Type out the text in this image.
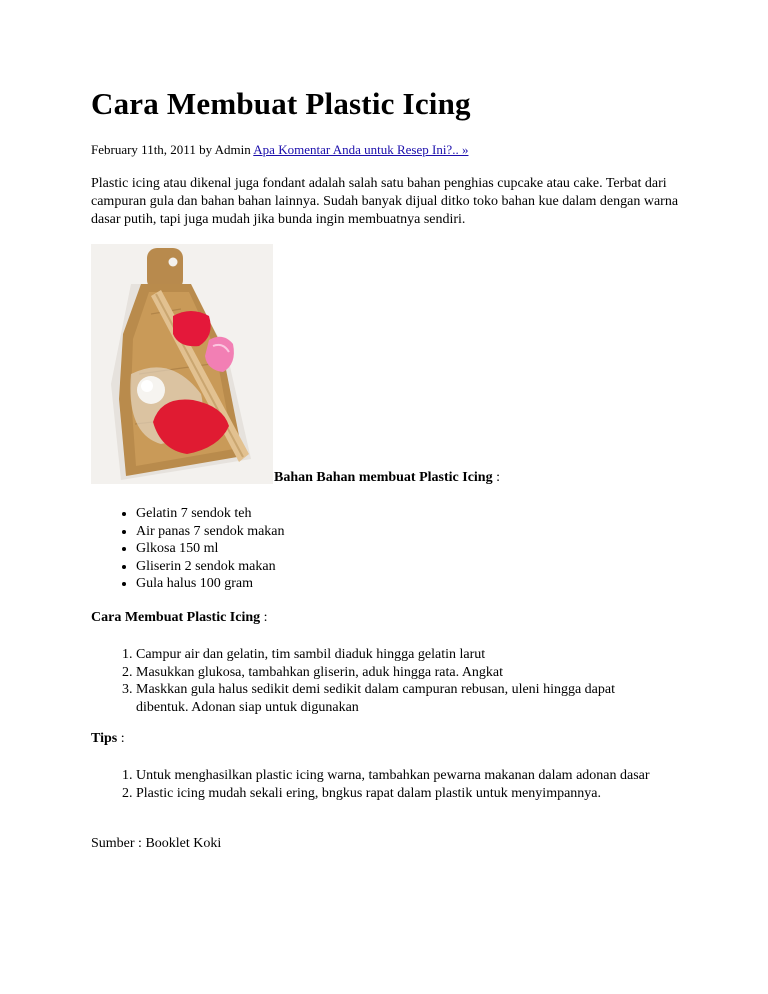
Cara Membuat Plastic Icing
February 11th, 2011 by Admin Apa Komentar Anda untuk Resep Ini?.. »

Plastic icing atau dikenal juga fondant adalah salah satu bahan penghias cupcake atau cake. Terbat dari campuran gula dan bahan bahan lainnya. Sudah banyak dijual ditko toko bahan kue dalam dengan warna dasar putih, tapi juga mudah jika bunda ingin membuatnya sendiri.

Bahan Bahan membuat Plastic Icing :
• Gelatin 7 sendok teh
• Air panas 7 sendok makan
• Glkosa 150 ml
• Gliserin 2 sendok makan
• Gula halus 100 gram
Cara Membuat Plastic Icing :
1. Campur air dan gelatin, tim sambil diaduk hingga gelatin larut
2. Masukkan glukosa, tambahkan gliserin, aduk hingga rata. Angkat
3. Maskkan gula halus sedikit demi sedikit dalam campuran rebusan, uleni hingga dapat dibentuk. Adonan siap untuk digunakan
Tips :
1. Untuk menghasilkan plastic icing warna, tambahkan pewarna makanan dalam adonan dasar
2. Plastic icing mudah sekali ering, bngkus rapat dalam plastik untuk menyimpannya.
Sumber : Booklet Koki
